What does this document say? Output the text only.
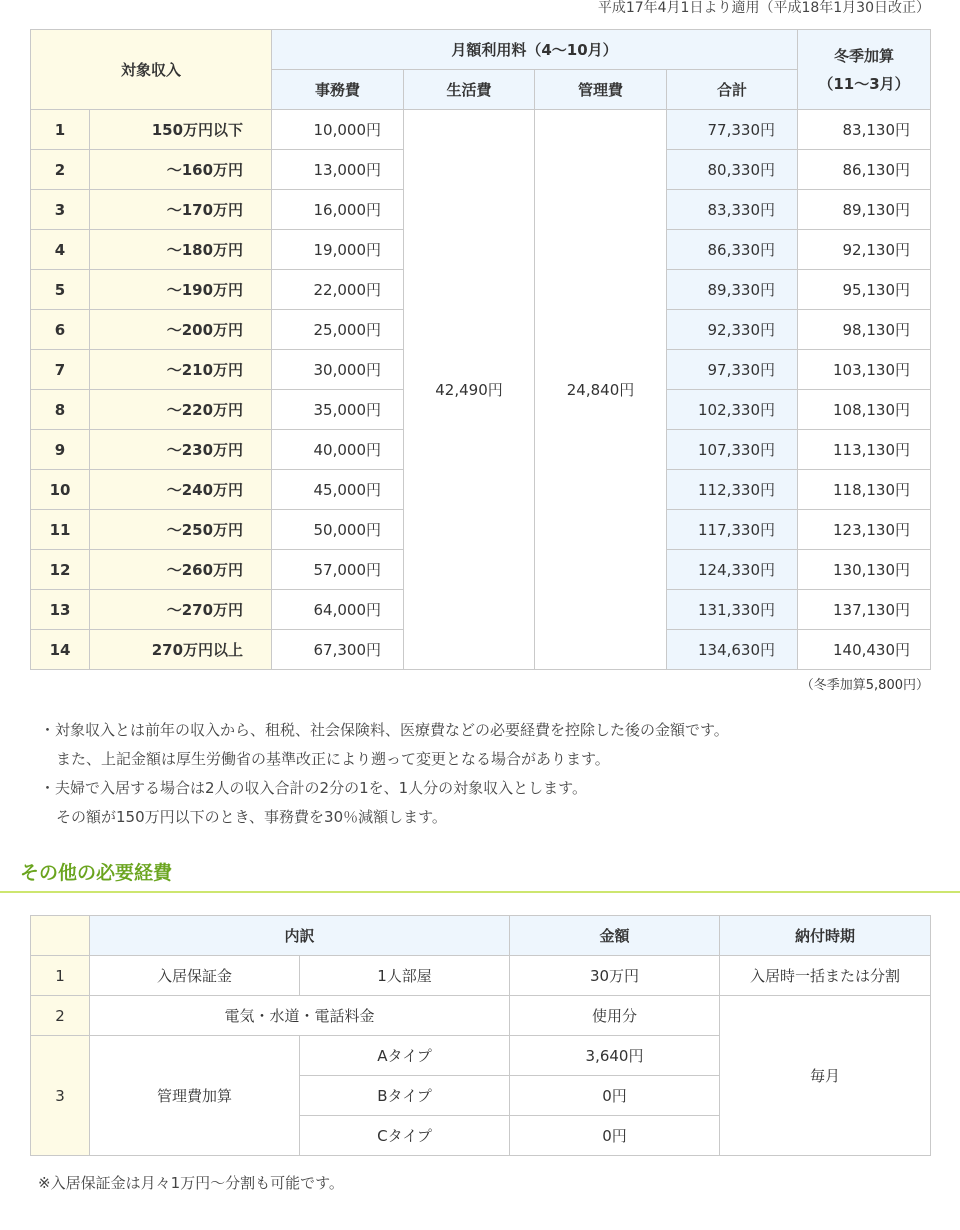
平成17年4月1日より適用（平成18年1月30日改正）
対象収入		月額利用料（4〜10月）				冬季加算
（11〜3月）
		事務費	生活費	管理費	合計	
1	150万円以下	10,000円	42,490円	24,840円	77,330円	83,130円
2	〜160万円	13,000円			80,330円	86,130円
3	〜170万円	16,000円			83,330円	89,130円
4	〜180万円	19,000円			86,330円	92,130円
5	〜190万円	22,000円			89,330円	95,130円
6	〜200万円	25,000円			92,330円	98,130円
7	〜210万円	30,000円			97,330円	103,130円
8	〜220万円	35,000円			102,330円	108,130円
9	〜230万円	40,000円			107,330円	113,130円
10	〜240万円	45,000円			112,330円	118,130円
11	〜250万円	50,000円			117,330円	123,130円
12	〜260万円	57,000円			124,330円	130,130円
13	〜270万円	64,000円			131,330円	137,130円
14	270万円以上	67,300円			134,630円	140,430円
（冬季加算5,800円）
・対象収入とは前年の収入から、租税、社会保険料、医療費などの必要経費を控除した後の金額です。
また、上記金額は厚生労働省の基準改正により遡って変更となる場合があります。
・夫婦で入居する場合は2人の収入合計の2分の1を、1人分の対象収入とします。
その額が150万円以下のとき、事務費を30％減額します。
その他の必要経費
	内訳		金額	納付時期
1	入居保証金	1人部屋	30万円	入居時一括または分割
2	電気・水道・電話料金		使用分	毎月
3	管理費加算	Aタイプ	3,640円	
		Bタイプ	0円	
		Cタイプ	0円	
※入居保証金は月々1万円〜分割も可能です。
